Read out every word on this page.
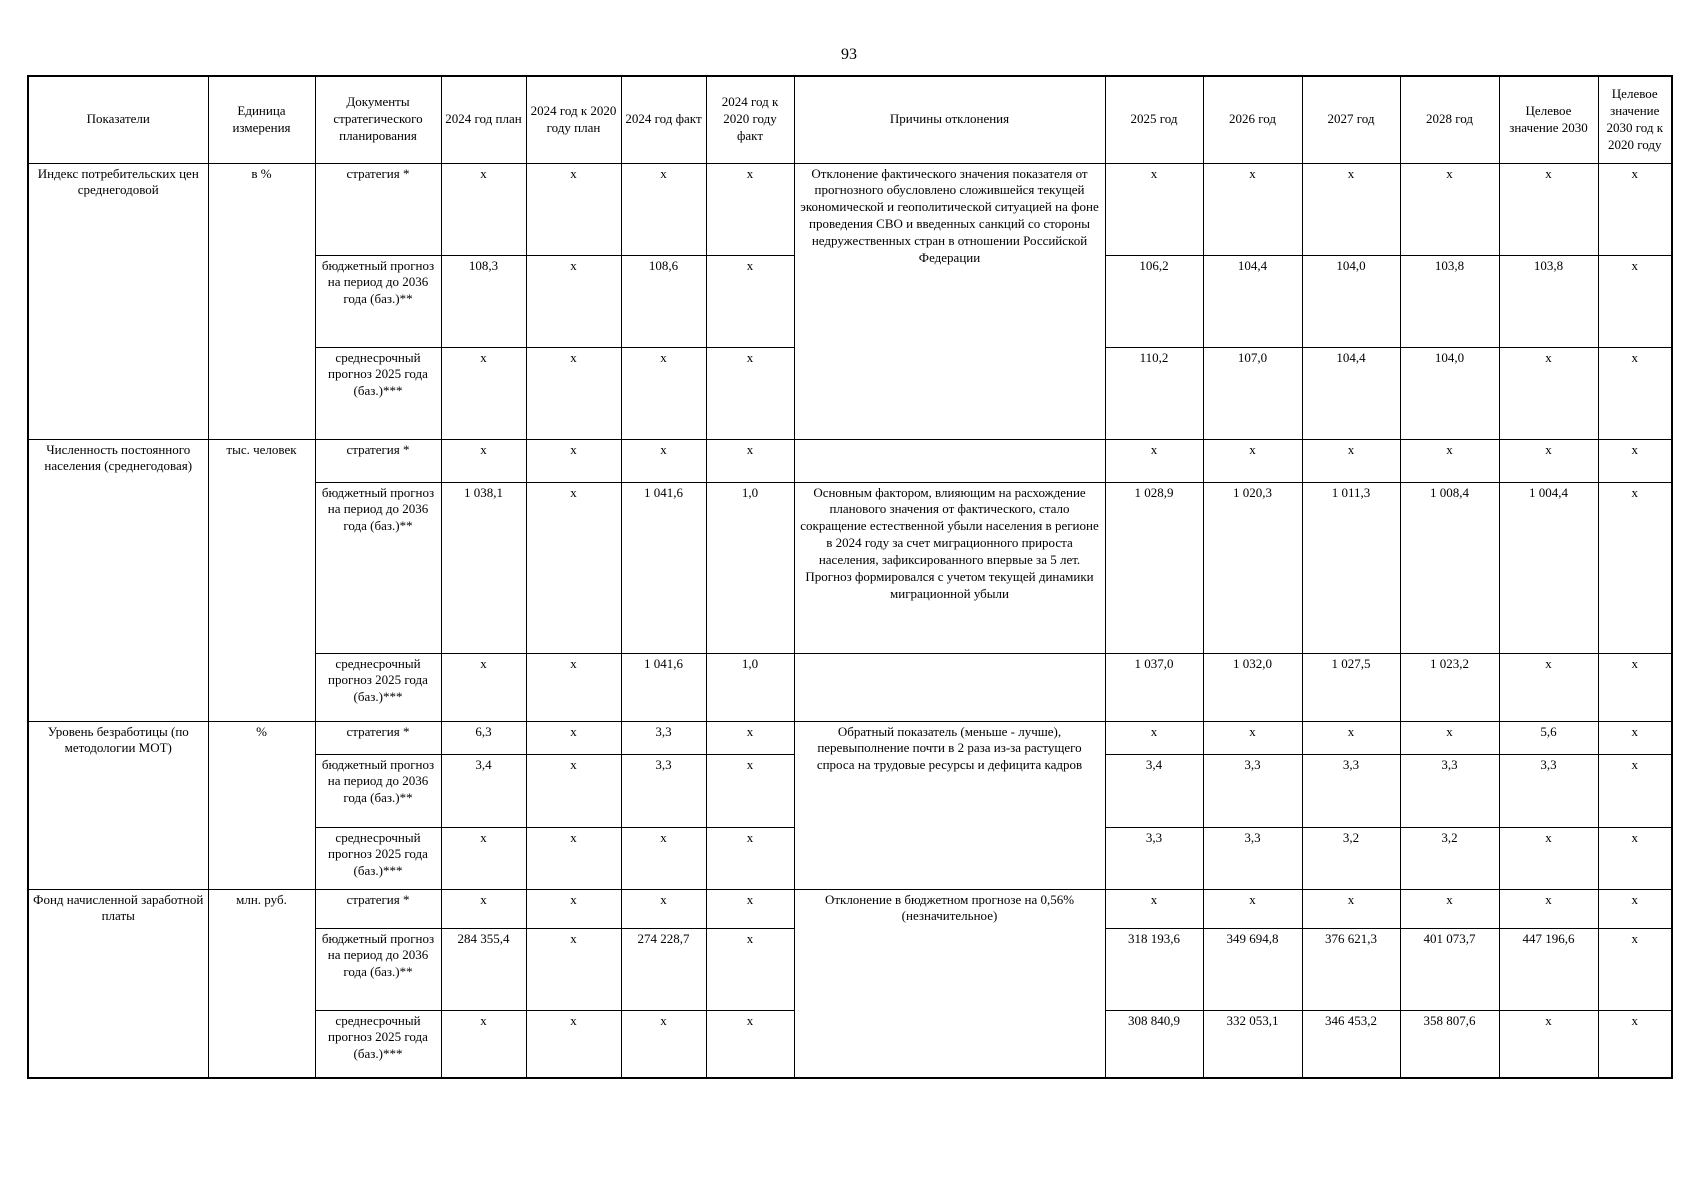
93
Показатели	Единица измерения	Документы стратегического планирования	2024 год план	2024 год к 2020 году план	2024 год факт	2024 год к 2020 году факт	Причины отклонения	2025 год	2026 год	2027 год	2028 год	Целевое значение 2030	Целевое значение 2030 год к 2020 году
Индекс потребительских цен среднегодовой	в %	стратегия *	х	х	х	х	Отклонение фактического значения показателя от прогнозного обусловлено сложившейся текущей экономической и геополитической ситуацией на фоне проведения СВО и введенных санкций со стороны недружественных стран в отношении Российской Федерации	х	х	х	х	х	х
		бюджетный прогноз на период до 2036 года (баз.)**	108,3	х	108,6	х		106,2	104,4	104,0	103,8	103,8	х
		среднесрочный прогноз 2025 года (баз.)***	х	х	х	х		110,2	107,0	104,4	104,0	х	х
Численность постоянного населения (среднегодовая)	тыс. человек	стратегия *	х	х	х	х		х	х	х	х	х	х
		бюджетный прогноз на период до 2036 года (баз.)**	1 038,1	х	1 041,6	1,0	Основным фактором, влияющим на расхождение планового значения от фактического, стало сокращение естественной убыли населения в регионе в 2024 году за счет миграционного прироста населения, зафиксированного впервые за 5 лет. Прогноз формировался с учетом текущей динамики миграционной убыли	1 028,9	1 020,3	1 011,3	1 008,4	1 004,4	х
		среднесрочный прогноз 2025 года (баз.)***	х	х	1 041,6	1,0		1 037,0	1 032,0	1 027,5	1 023,2	х	х
Уровень безработицы (по методологии МОТ)	%	стратегия *	6,3	х	3,3	х	Обратный показатель (меньше - лучше), перевыполнение почти в 2 раза из-за растущего спроса на трудовые ресурсы и дефицита кадров	х	х	х	х	5,6	х
		бюджетный прогноз на период до 2036 года (баз.)**	3,4	х	3,3	х		3,4	3,3	3,3	3,3	3,3	х
		среднесрочный прогноз 2025 года (баз.)***	х	х	х	х		3,3	3,3	3,2	3,2	х	х
Фонд начисленной заработной платы	млн. руб.	стратегия *	х	х	х	х	Отклонение в бюджетном прогнозе на 0,56% (незначительное)	х	х	х	х	х	х
		бюджетный прогноз на период до 2036 года (баз.)**	284 355,4	х	274 228,7	х		318 193,6	349 694,8	376 621,3	401 073,7	447 196,6	х
		среднесрочный прогноз 2025 года (баз.)***	х	х	х	х		308 840,9	332 053,1	346 453,2	358 807,6	х	х
